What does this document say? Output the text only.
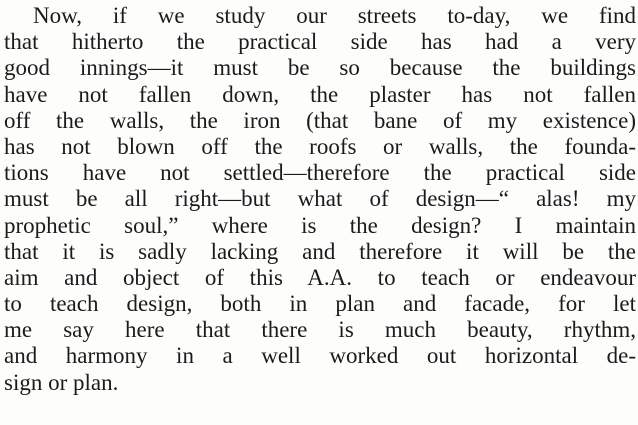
Now, if we study our streets to-day, we find
that hitherto the practical side has had a very
good innings—it must be so because the buildings
have not fallen down, the plaster has not fallen
off the walls, the iron (that bane of my existence)
has not blown off the roofs or walls, the founda-
tions have not settled—therefore the practical side
must be all right—but what of design—“ alas! my
prophetic soul,” where is the design? I maintain
that it is sadly lacking and therefore it will be the
aim and object of this A.A. to teach or endeavour
to teach design, both in plan and facade, for let
me say here that there is much beauty, rhythm,
and harmony in a well worked out horizontal de-
sign or plan.
